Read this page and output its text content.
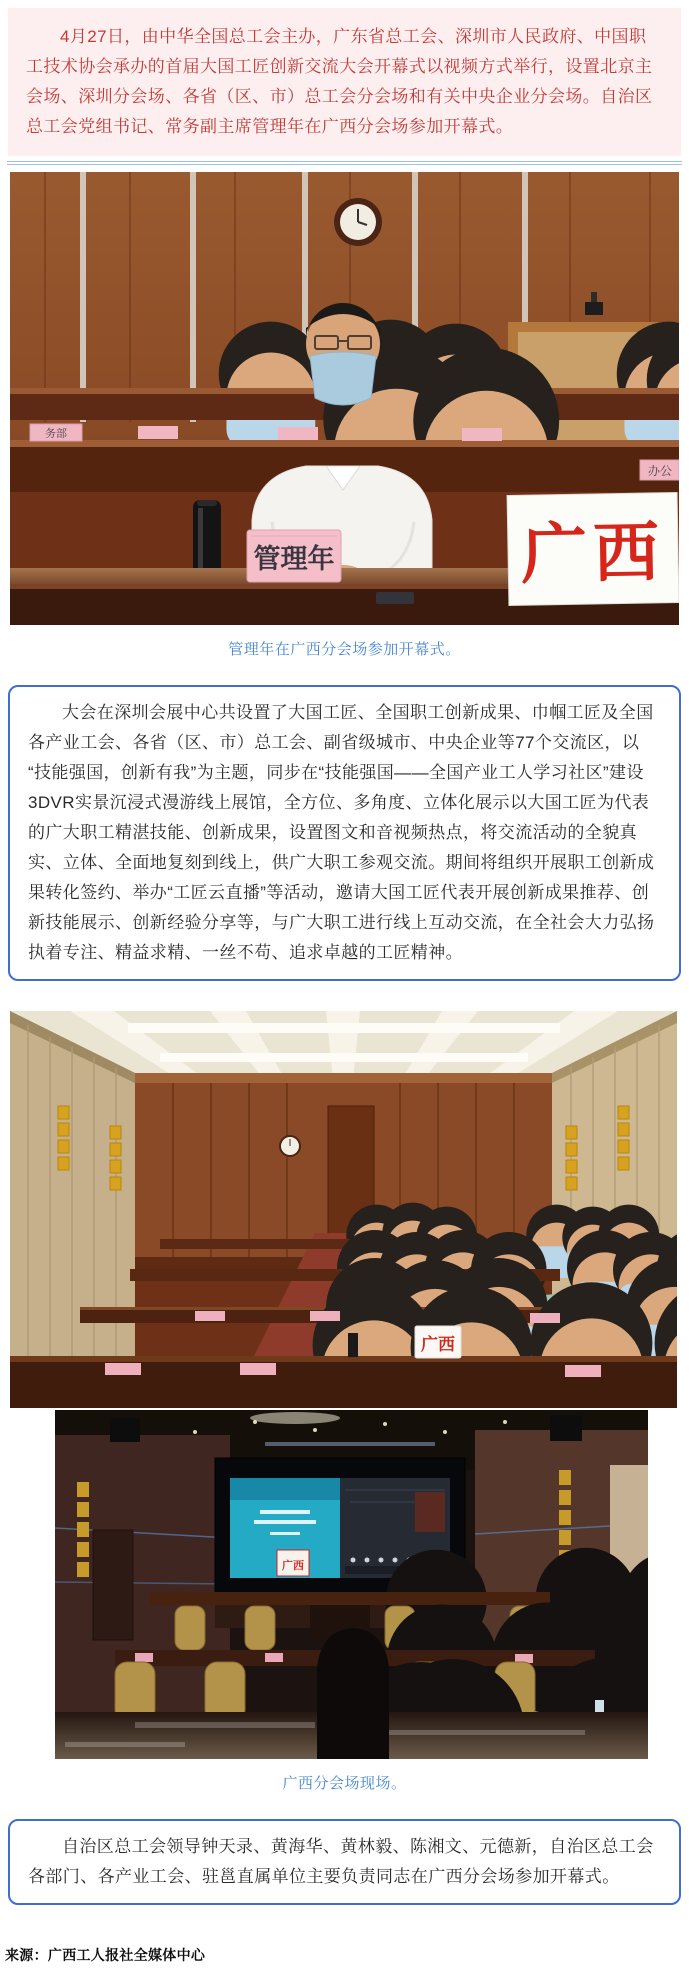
4月27日，由中华全国总工会主办，广东省总工会、深圳市人民政府、中国职工技术协会承办的首届大国工匠创新交流大会开幕式以视频方式举行，设置北京主会场、深圳分会场、各省（区、市）总工会分会场和有关中央企业分会场。自治区总工会党组书记、常务副主席管理年在广西分会场参加开幕式。

务部
办公
管理年	广西

管理年在广西分会场参加开幕式。

大会在深圳会展中心共设置了大国工匠、全国职工创新成果、巾帼工匠及全国各产业工会、各省（区、市）总工会、副省级城市、中央企业等77个交流区，以“技能强国，创新有我”为主题，同步在“技能强国——全国产业工人学习社区”建设3DVR实景沉浸式漫游线上展馆，全方位、多角度、立体化展示以大国工匠为代表的广大职工精湛技能、创新成果，设置图文和音视频热点，将交流活动的全貌真实、立体、全面地复刻到线上，供广大职工参观交流。期间将组织开展职工创新成果转化签约、举办“工匠云直播”等活动，邀请大国工匠代表开展创新成果推荐、创新技能展示、创新经验分享等，与广大职工进行线上互动交流，在全社会大力弘扬执着专注、精益求精、一丝不苟、追求卓越的工匠精神。

广西
广西

广西分会场现场。

自治区总工会领导钟天录、黄海华、黄林毅、陈湘文、元德新，自治区总工会各部门、各产业工会、驻邕直属单位主要负责同志在广西分会场参加开幕式。

来源：广西工人报社全媒体中心
